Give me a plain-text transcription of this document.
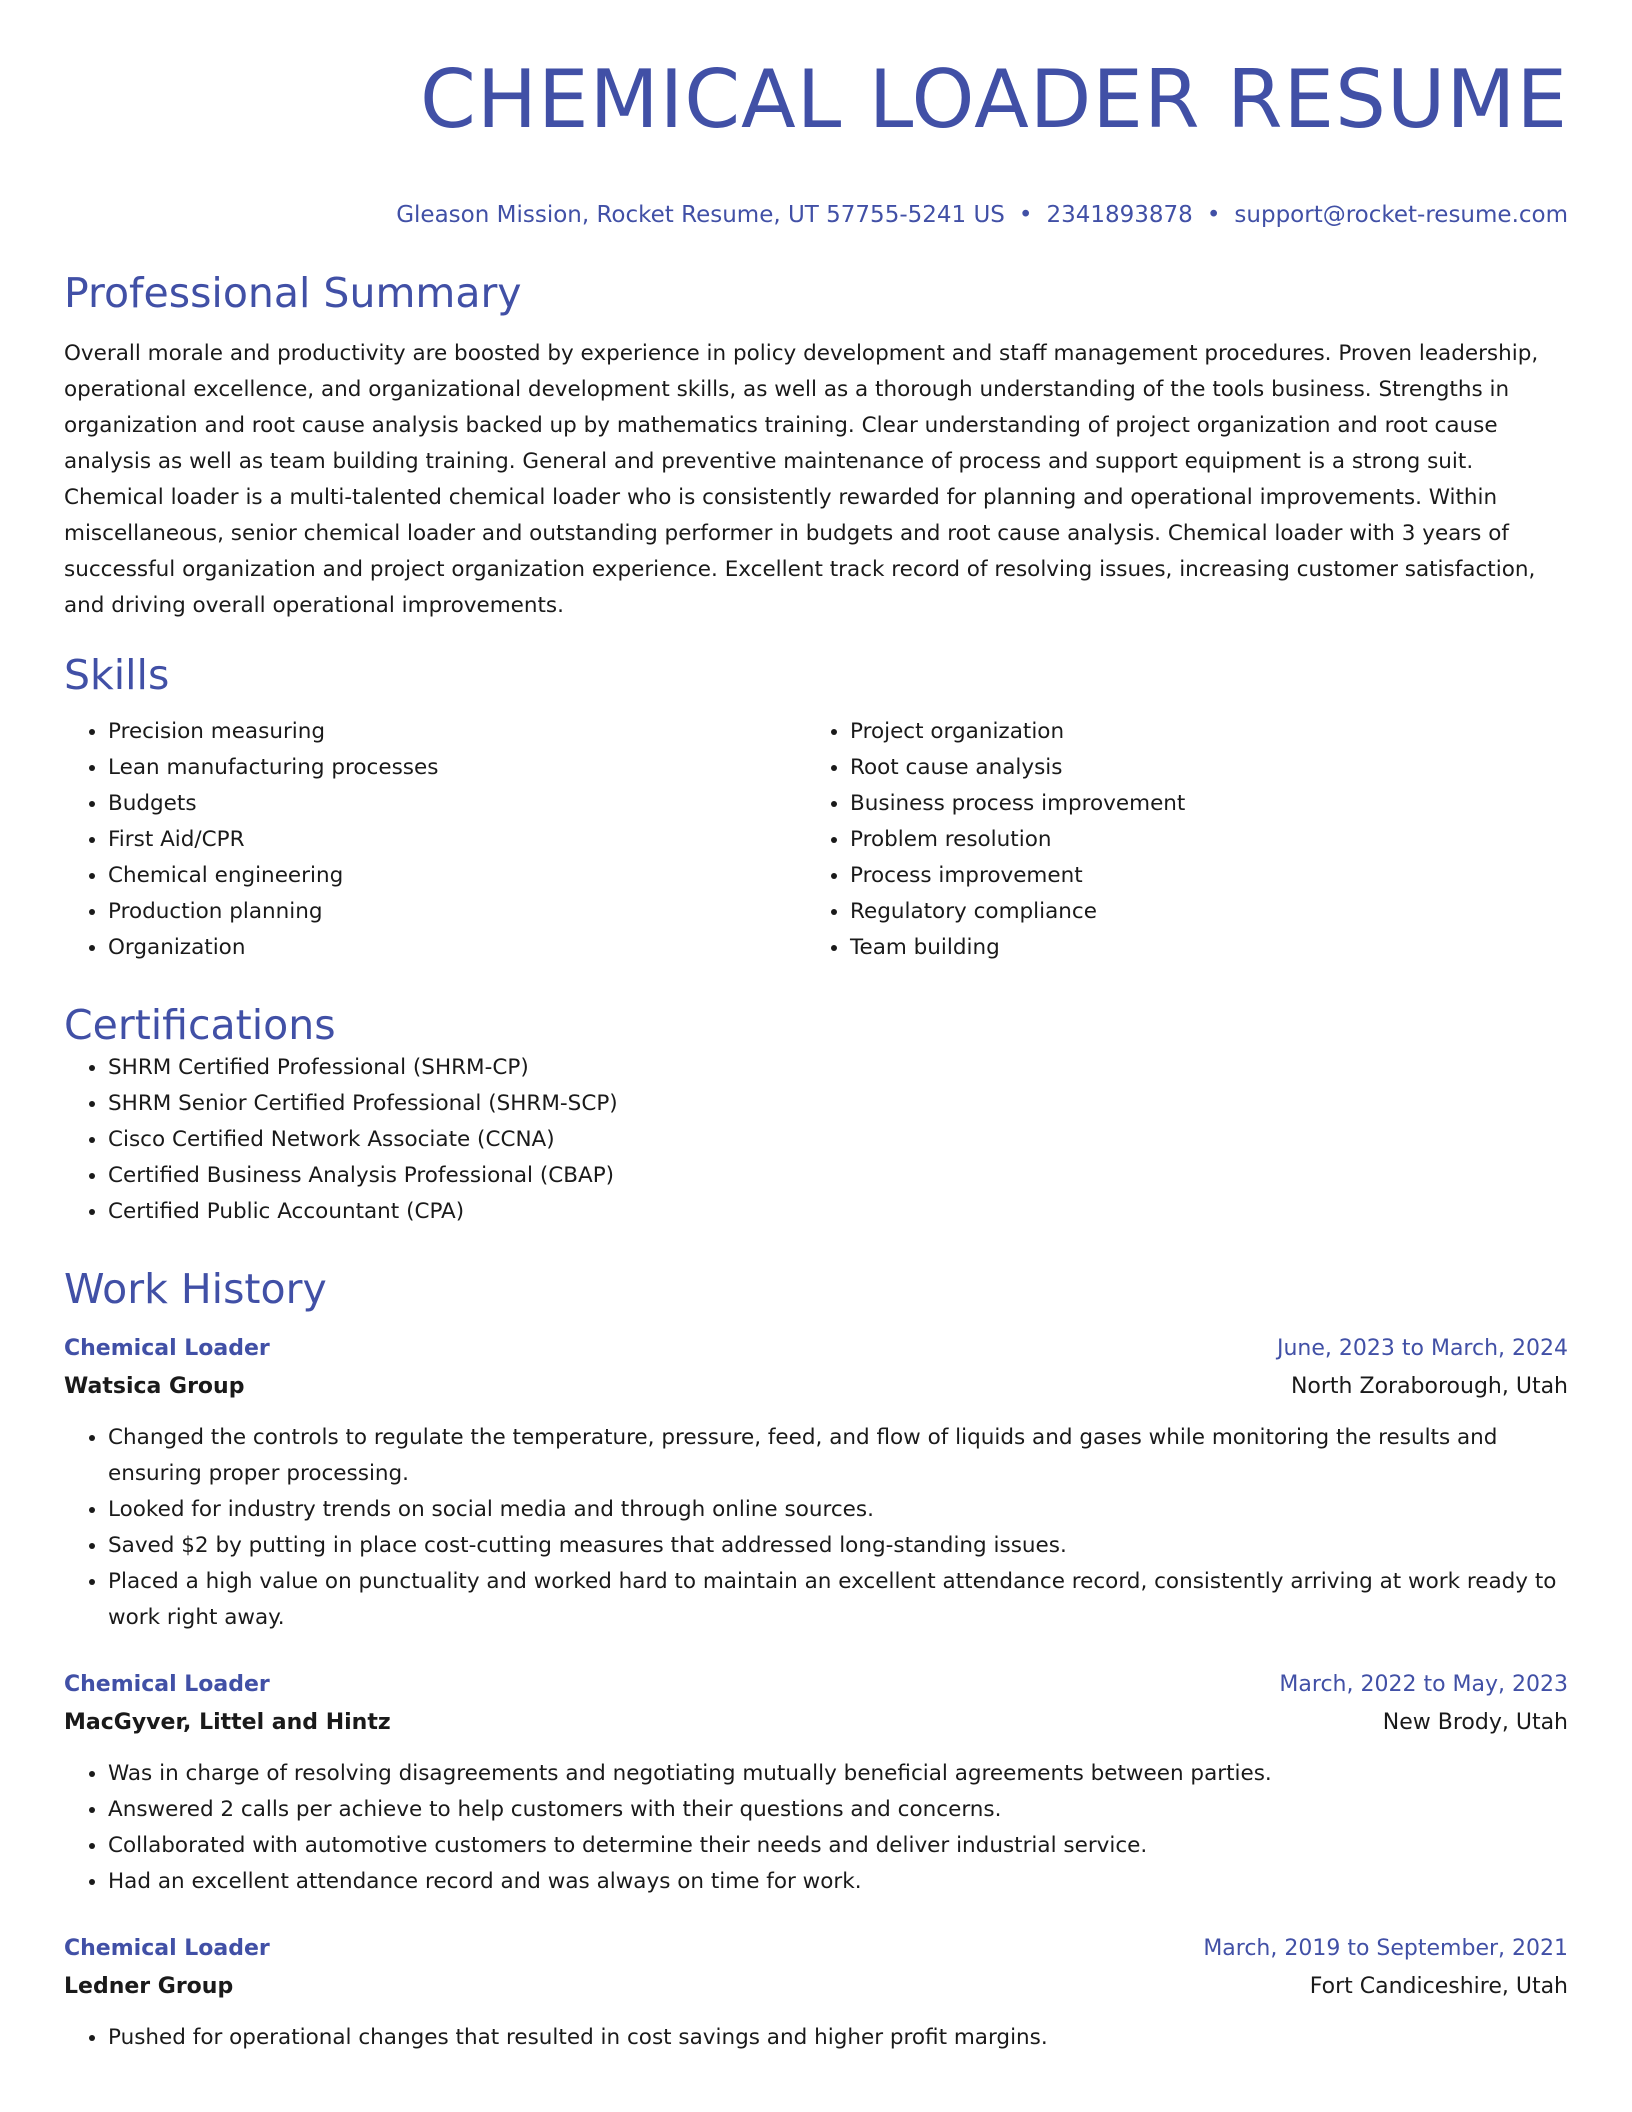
CHEMICAL LOADER RESUME
Gleason Mission, Rocket Resume, UT 57755-5241 US • 2341893878 • support@rocket-resume.com
Professional Summary
Overall morale and productivity are boosted by experience in policy development and staff management procedures. Proven leadership, operational excellence, and organizational development skills, as well as a thorough understanding of the tools business. Strengths in organization and root cause analysis backed up by mathematics training. Clear understanding of project organization and root cause analysis as well as team building training. General and preventive maintenance of process and support equipment is a strong suit. Chemical loader is a multi-talented chemical loader who is consistently rewarded for planning and operational improvements. Within miscellaneous, senior chemical loader and outstanding performer in budgets and root cause analysis. Chemical loader with 3 years of successful organization and project organization experience. Excellent track record of resolving issues, increasing customer satisfaction, and driving overall operational improvements.
Skills
• Precision measuring
• Lean manufacturing processes
• Budgets
• First Aid/CPR
• Chemical engineering
• Production planning
• Organization
• Project organization
• Root cause analysis
• Business process improvement
• Problem resolution
• Process improvement
• Regulatory compliance
• Team building
Certifications
• SHRM Certified Professional (SHRM-CP)
• SHRM Senior Certified Professional (SHRM-SCP)
• Cisco Certified Network Associate (CCNA)
• Certified Business Analysis Professional (CBAP)
• Certified Public Accountant (CPA)
Work History
Chemical Loader	June, 2023 to March, 2024
Watsica Group	North Zoraborough, Utah
• Changed the controls to regulate the temperature, pressure, feed, and flow of liquids and gases while monitoring the results and ensuring proper processing.
• Looked for industry trends on social media and through online sources.
• Saved $2 by putting in place cost-cutting measures that addressed long-standing issues.
• Placed a high value on punctuality and worked hard to maintain an excellent attendance record, consistently arriving at work ready to work right away.
Chemical Loader	March, 2022 to May, 2023
MacGyver, Littel and Hintz	New Brody, Utah
• Was in charge of resolving disagreements and negotiating mutually beneficial agreements between parties.
• Answered 2 calls per achieve to help customers with their questions and concerns.
• Collaborated with automotive customers to determine their needs and deliver industrial service.
• Had an excellent attendance record and was always on time for work.
Chemical Loader	March, 2019 to September, 2021
Ledner Group	Fort Candiceshire, Utah
• Pushed for operational changes that resulted in cost savings and higher profit margins.
